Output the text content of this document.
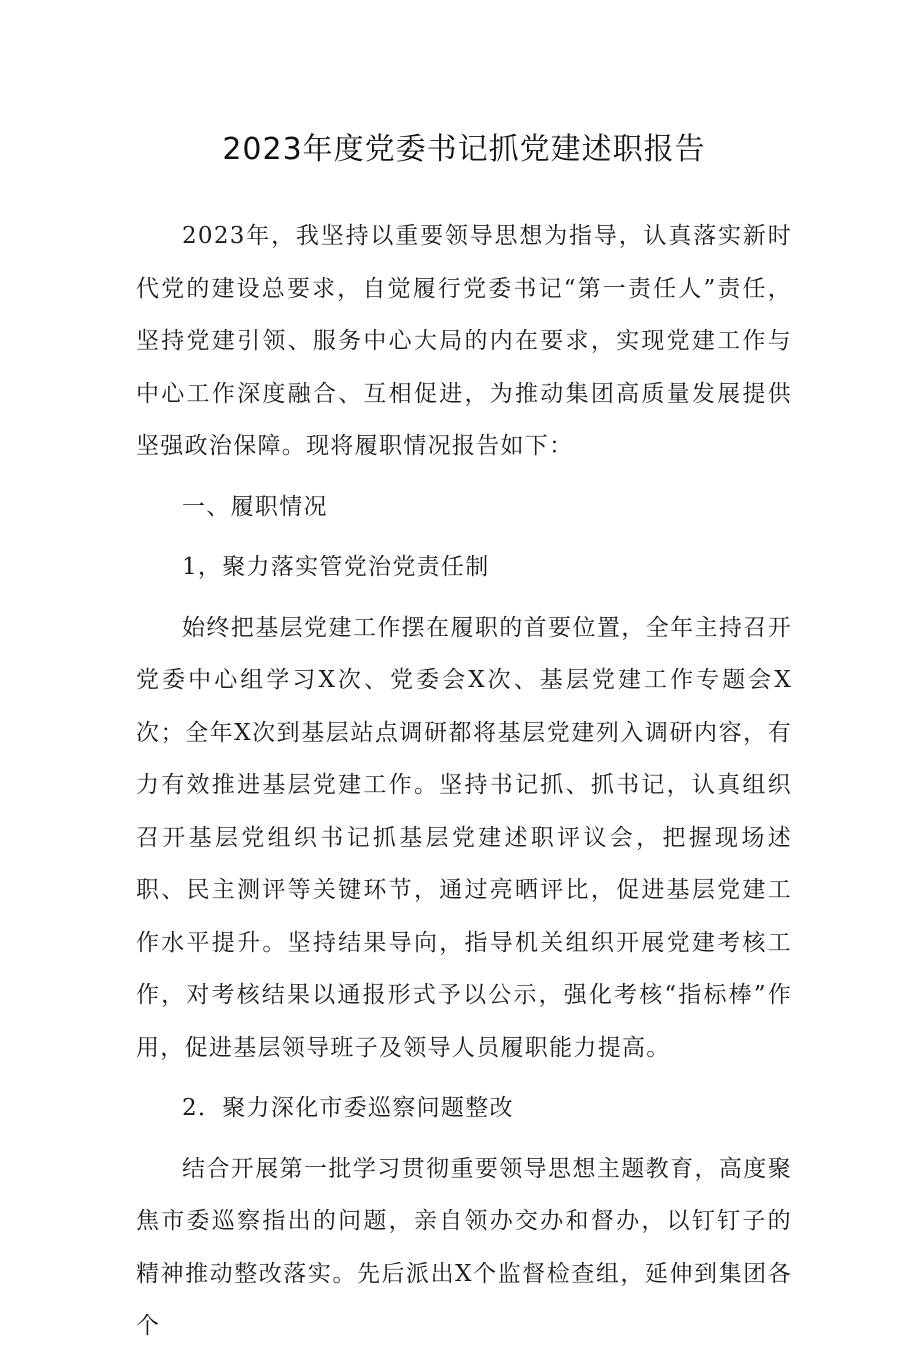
2023年度党委书记抓党建述职报告

2023年，我坚持以重要领导思想为指导，认真落实新时代党的建设总要求，自觉履行党委书记“第一责任人”责任，坚持党建引领、服务中心大局的内在要求，实现党建工作与中心工作深度融合、互相促进，为推动集团高质量发展提供坚强政治保障。现将履职情况报告如下：

一、履职情况

1，聚力落实管党治党责任制

始终把基层党建工作摆在履职的首要位置，全年主持召开党委中心组学习X次、党委会X次、基层党建工作专题会X次；全年X次到基层站点调研都将基层党建列入调研内容，有力有效推进基层党建工作。坚持书记抓、抓书记，认真组织召开基层党组织书记抓基层党建述职评议会，把握现场述职、民主测评等关键环节，通过亮晒评比，促进基层党建工作水平提升。坚持结果导向，指导机关组织开展党建考核工作，对考核结果以通报形式予以公示，强化考核“指标棒”作用，促进基层领导班子及领导人员履职能力提高。

2．聚力深化市委巡察问题整改

结合开展第一批学习贯彻重要领导思想主题教育，高度聚焦市委巡察指出的问题，亲自领办交办和督办，以钉钉子的精神推动整改落实。先后派出X个监督检查组，延伸到集团各个
